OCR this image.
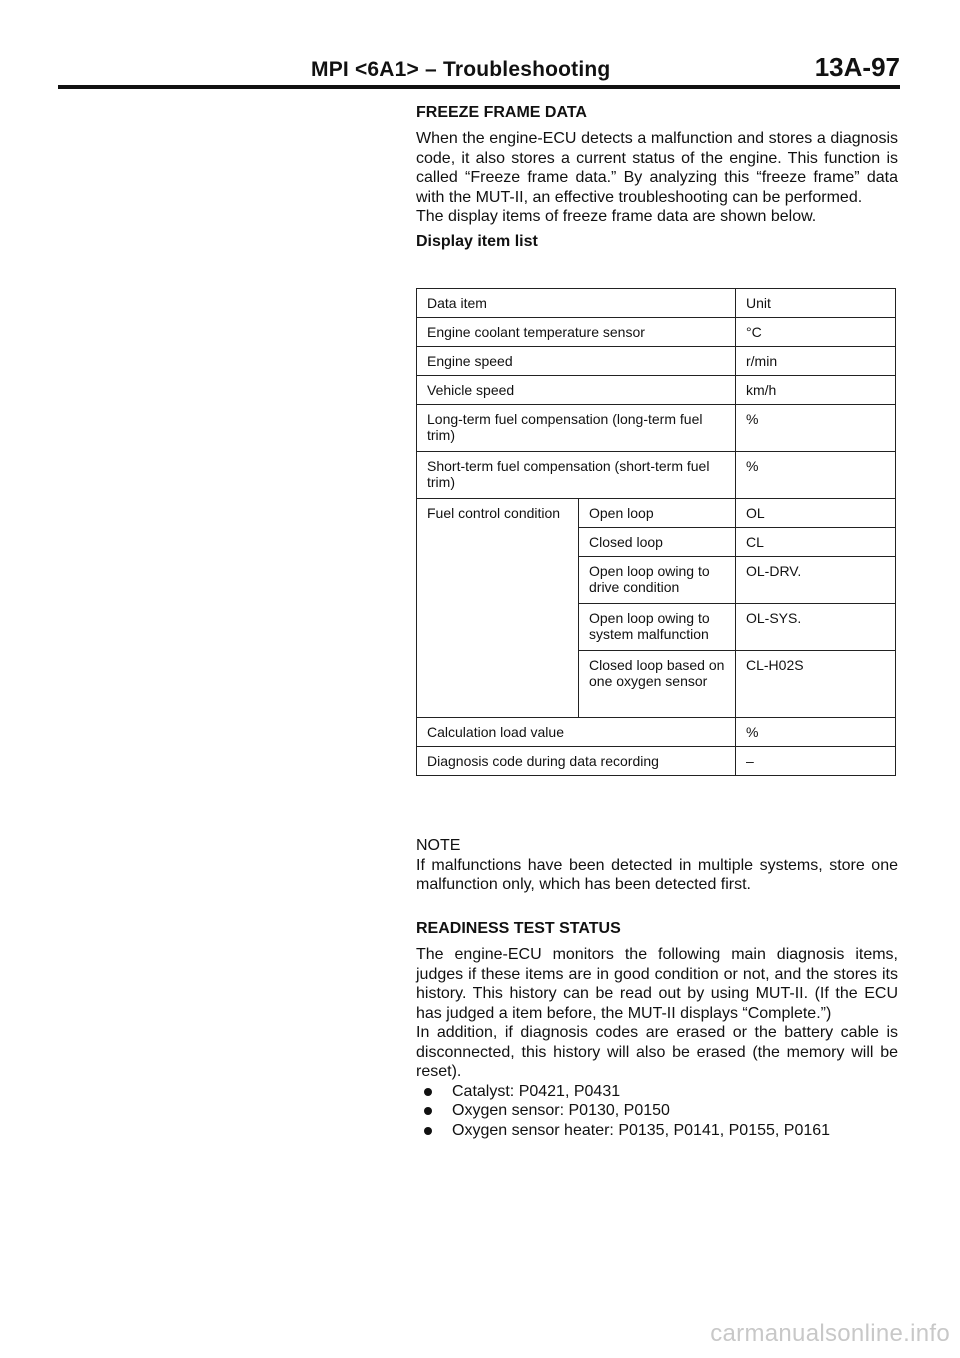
MPI <6A1> – Troubleshooting	13A-97

FREEZE FRAME DATA

When the engine-ECU detects a malfunction and stores a diagnosis code, it also stores a current status of the engine. This function is called “Freeze frame data.” By analyzing this “freeze frame” data with the MUT-II, an effective troubleshooting can be performed.

The display items of freeze frame data are shown below.

Display item list

Data item		Unit
Engine coolant temperature sensor		°C
Engine speed		r/min
Vehicle speed		km/h
Long-term fuel compensation (long-term fuel trim)		%
Short-term fuel compensation (short-term fuel trim)		%
Fuel control condition	Open loop	OL
	Closed loop	CL
	Open loop owing to drive condition	OL-DRV.
	Open loop owing to system malfunction	OL-SYS.
	Closed loop based on one oxygen sensor	CL-H02S
Calculation load value		%
Diagnosis code during data recording		–

NOTE

If malfunctions have been detected in multiple systems, store one malfunction only, which has been detected first.

READINESS TEST STATUS

The engine-ECU monitors the following main diagnosis items, judges if these items are in good condition or not, and the stores its history. This history can be read out by using MUT-II. (If the ECU has judged a item before, the MUT-II displays “Complete.”)

In addition, if diagnosis codes are erased or the battery cable is disconnected, this history will also be erased (the memory will be reset).

Catalyst: P0421, P0431
Oxygen sensor: P0130, P0150
Oxygen sensor heater: P0135, P0141, P0155, P0161
carmanualsonline.info
